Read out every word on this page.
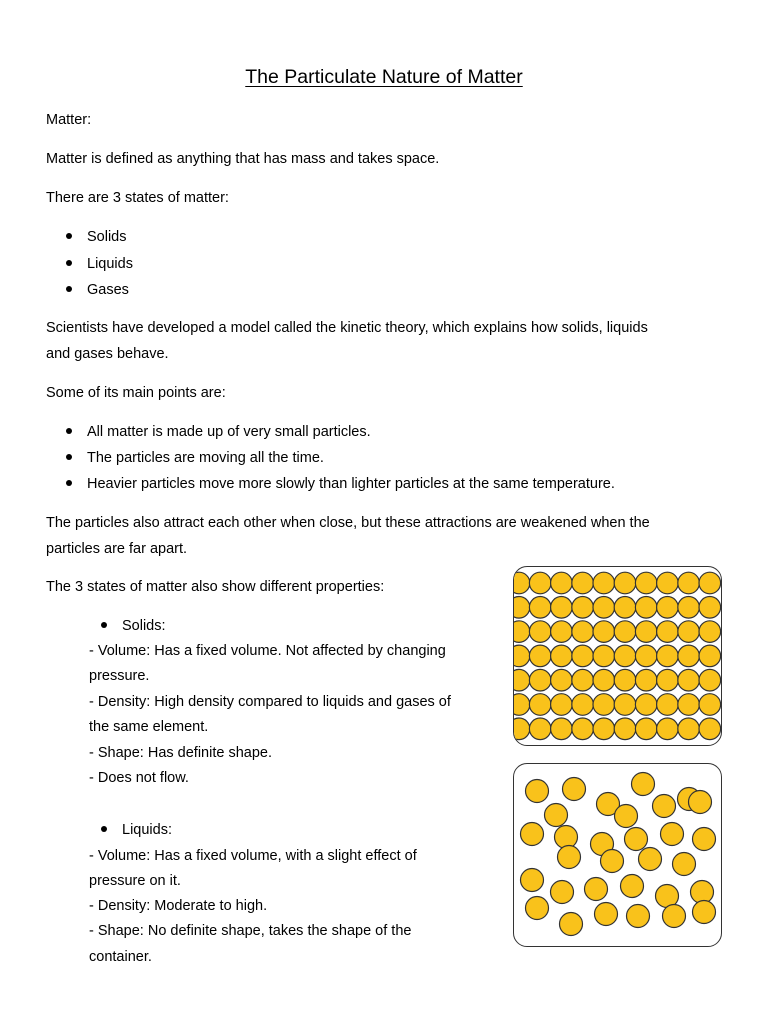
The Particulate Nature of Matter
Matter:
Matter is defined as anything that has mass and takes space.
There are 3 states of matter:
Solids
Liquids
Gases
Scientists have developed a model called the kinetic theory, which explains how solids, liquids
and gases behave.
Some of its main points are:
All matter is made up of very small particles.
The particles are moving all the time.
Heavier particles move more slowly than lighter particles at the same temperature.
The particles also attract each other when close, but these attractions are weakened when the
particles are far apart.
The 3 states of matter also show different properties:
Solids:
- Volume: Has a fixed volume. Not affected by changing
pressure.
- Density: High density compared to liquids and gases of
the same element.
- Shape: Has definite shape.
- Does not flow.
Liquids:
- Volume: Has a fixed volume, with a slight effect of
pressure on it.
- Density: Moderate to high.
- Shape: No definite shape, takes the shape of the
container.
